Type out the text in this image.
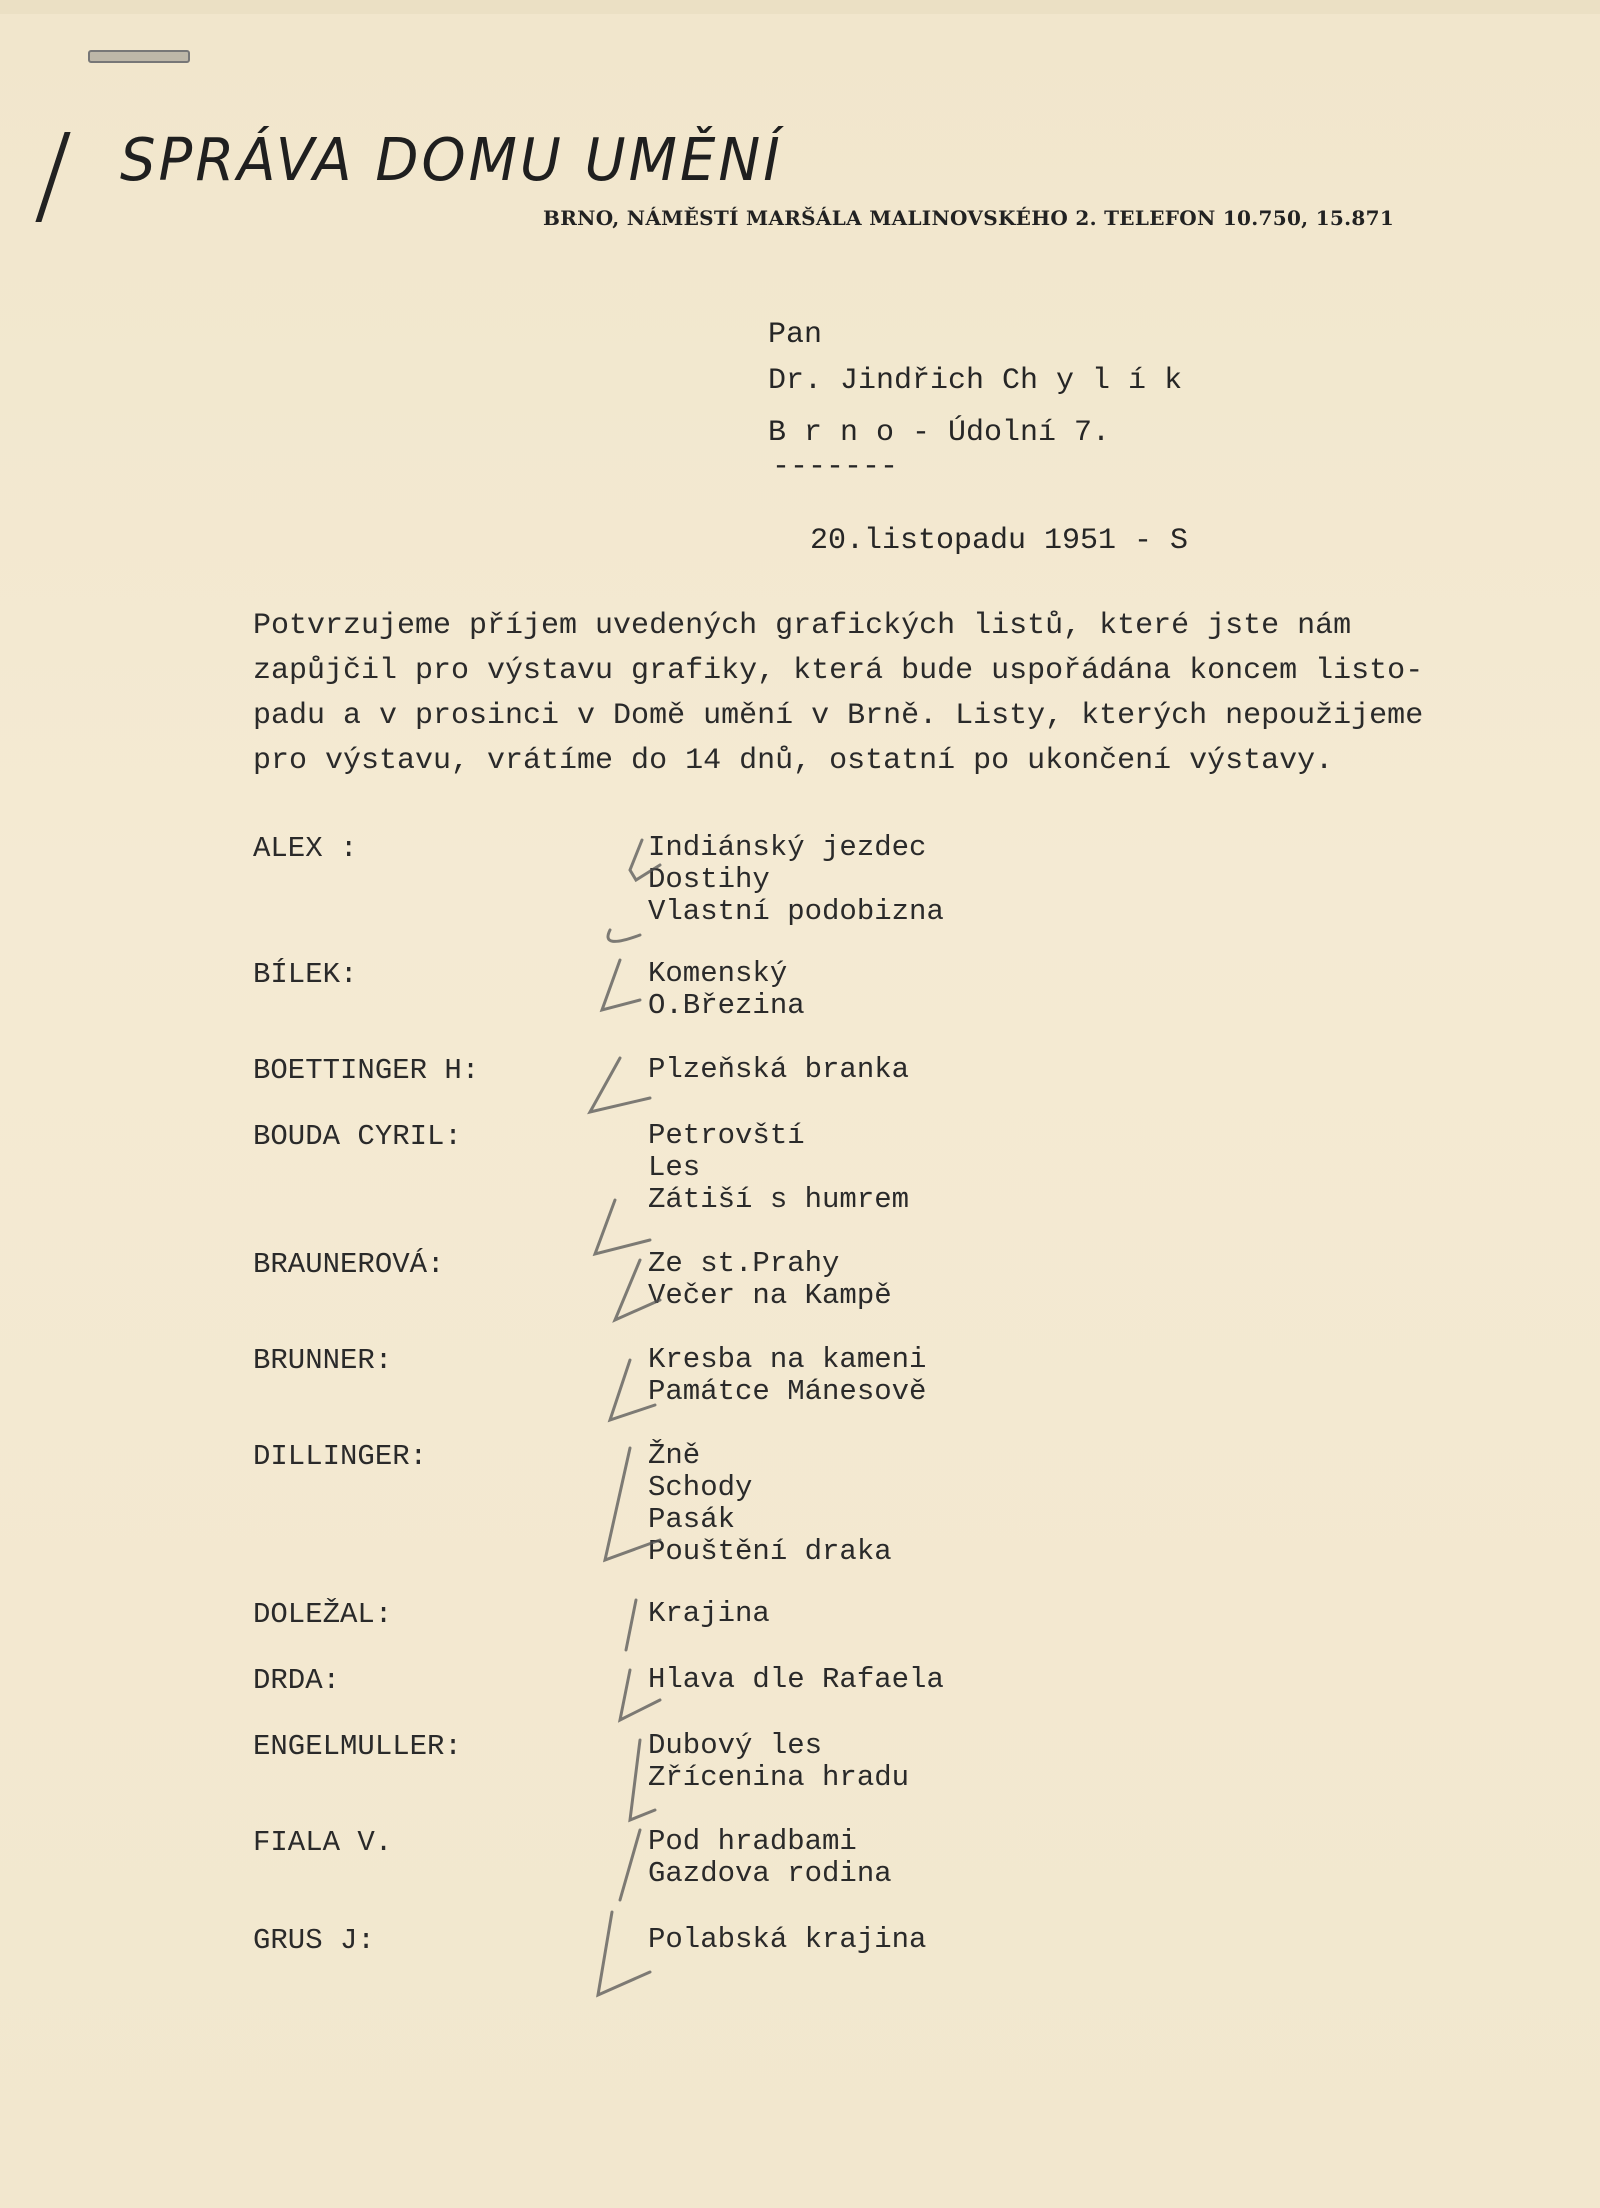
SPRÁVA DOMU UMĚNÍ
BRNO, NÁMĚSTÍ MARŠÁLA MALINOVSKÉHO 2. TELEFON 10.750, 15.871
Pan
Dr. Jindřich Ch y l í k
B r n o - Údolní 7.
-------
20.listopadu 1951 - S

Potvrzujeme příjem uvedených grafických listů, které jste nám

zapůjčil pro výstavu grafiky, která bude uspořádána koncem listo-

padu a v prosinci v Domě umění v Brně. Listy, kterých nepoužijeme

pro výstavu, vrátíme do 14 dnů, ostatní po ukončení výstavy.

ALEX :	Indiánský jezdec
Dostihy
Vlastní podobizna
BÍLEK:	Komenský
O.Březina
BOETTINGER H:	Plzeňská branka
BOUDA CYRIL:	Petrovští
Les
Zátiší s humrem
BRAUNEROVÁ:	Ze st.Prahy
Večer na Kampě
BRUNNER:	Kresba na kameni
Památce Mánesově
DILLINGER:	Žně
Schody
Pasák
Pouštění draka
DOLEŽAL:	Krajina
DRDA:	Hlava dle Rafaela
ENGELMULLER:	Dubový les
Zřícenina hradu
FIALA V.	Pod hradbami
Gazdova rodina
GRUS J:	Polabská krajina
